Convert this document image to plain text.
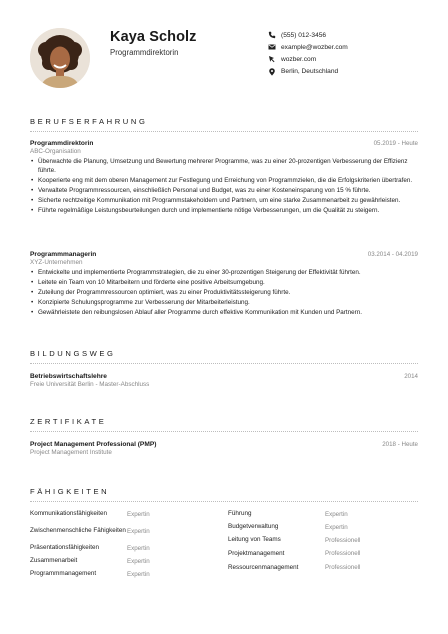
Kaya Scholz
Programmdirektorin
(555) 012-3456
example@wozber.com
wozber.com
Berlin, Deutschland
BERUFSERFAHRUNG
Programmdirektorin	05.2019 - Heute
ABC-Organisation
• Überwachte die Planung, Umsetzung und Bewertung mehrerer Programme, was zu einer 20-prozentigen Verbesserung der Effizienz führte.
• Kooperierte eng mit dem oberen Management zur Festlegung und Erreichung von Programmzielen, die die Erfolgskriterien übertrafen.
• Verwaltete Programmressourcen, einschließlich Personal und Budget, was zu einer Kosteneinsparung von 15 % führte.
• Sicherte rechtzeitige Kommunikation mit Programmstakeholdern und Partnern, um eine starke Zusammenarbeit zu gewährleisten.
• Führte regelmäßige Leistungsbeurteilungen durch und implementierte nötige Verbesserungen, um die Qualität zu steigern.
Programmmanagerin	03.2014 - 04.2019
XYZ-Unternehmen
• Entwickelte und implementierte Programmstrategien, die zu einer 30-prozentigen Steigerung der Effektivität führten.
• Leitete ein Team von 10 Mitarbeitern und förderte eine positive Arbeitsumgebung.
• Zuteilung der Programmressourcen optimiert, was zu einer Produktivitätssteigerung führte.
• Konzipierte Schulungsprogramme zur Verbesserung der Mitarbeiterleistung.
• Gewährleistete den reibungslosen Ablauf aller Programme durch effektive Kommunikation mit Kunden und Partnern.
BILDUNGSWEG
Betriebswirtschaftslehre	2014
Freie Universität Berlin - Master-Abschluss
ZERTIFIKATE
Project Management Professional (PMP)	2018 - Heute
Project Management Institute
FÄHIGKEITEN
Kommunikationsfähigkeiten	Expertin
Zwischenmenschliche Fähigkeiten Expertin
Präsentationsfähigkeiten	Expertin
Zusammenarbeit	Expertin
Programmmanagement	Expertin
Führung	Expertin
Budgetverwaltung	Expertin
Leitung von Teams	Professionell
Projektmanagement	Professionell
Ressourcenmanagement	Professionell
